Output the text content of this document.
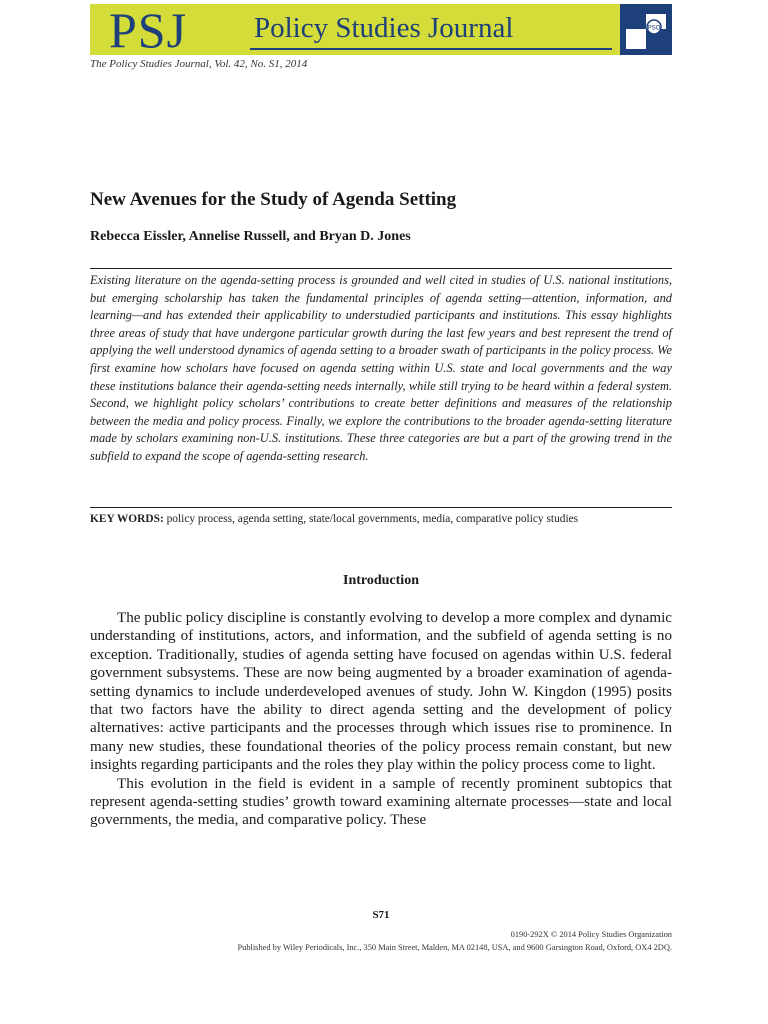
PSJ Policy Studies Journal	PSO
The Policy Studies Journal, Vol. 42, No. S1, 2014
New Avenues for the Study of Agenda Setting
Rebecca Eissler, Annelise Russell, and Bryan D. Jones
Existing literature on the agenda-setting process is grounded and well cited in studies of U.S. national institutions, but emerging scholarship has taken the fundamental principles of agenda setting—attention, information, and learning—and has extended their applicability to understudied participants and institutions. This essay highlights three areas of study that have undergone particular growth during the last few years and best represent the trend of applying the well understood dynamics of agenda setting to a broader swath of participants in the policy process. We first examine how scholars have focused on agenda setting within U.S. state and local governments and the way these institutions balance their agenda-setting needs internally, while still trying to be heard within a federal system. Second, we highlight policy scholars’ contributions to create better definitions and measures of the relationship between the media and policy process. Finally, we explore the contributions to the broader agenda-setting literature made by scholars examining non-U.S. institutions. These three categories are but a part of the growing trend in the subfield to expand the scope of agenda-setting research.
KEY WORDS: policy process, agenda setting, state/local governments, media, comparative policy studies
Introduction

The public policy discipline is constantly evolving to develop a more complex and dynamic understanding of institutions, actors, and information, and the subfield of agenda setting is no exception. Traditionally, studies of agenda setting have focused on agendas within U.S. federal government subsystems. These are now being augmented by a broader examination of agenda-setting dynamics to include underdeveloped avenues of study. John W. Kingdon (1995) posits that two factors have the ability to direct agenda setting and the development of policy alternatives: active participants and the processes through which issues rise to prominence. In many new studies, these foundational theories of the policy process remain constant, but new insights regarding participants and the roles they play within the policy process come to light.

This evolution in the field is evident in a sample of recently prominent subtopics that represent agenda-setting studies’ growth toward examining alternate processes—state and local governments, the media, and comparative policy. These

S71
0190-292X © 2014 Policy Studies Organization
Published by Wiley Periodicals, Inc., 350 Main Street, Malden, MA 02148, USA, and 9600 Garsington Road, Oxford, OX4 2DQ.
